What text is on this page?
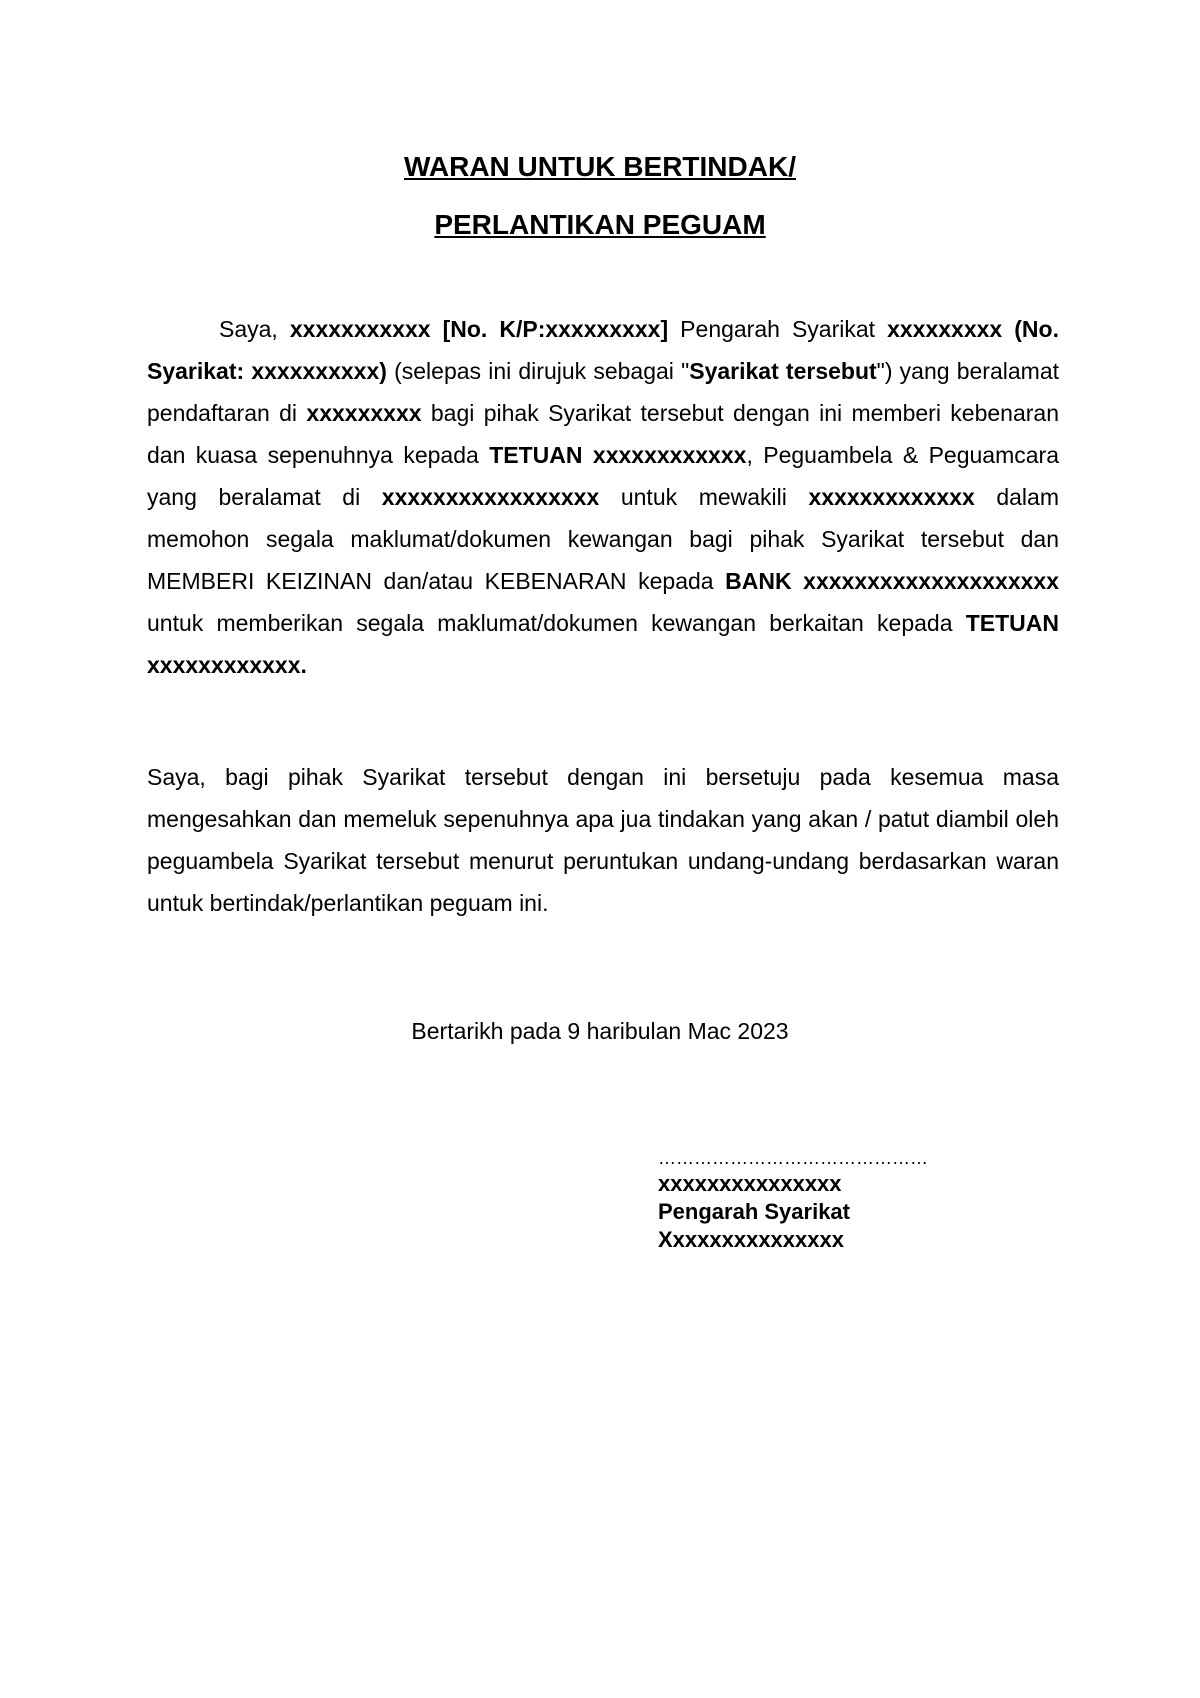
WARAN UNTUK BERTINDAK/
PERLANTIKAN PEGUAM
Saya, xxxxxxxxxxx [No. K/P:xxxxxxxxx] Pengarah Syarikat xxxxxxxxx (No. Syarikat: xxxxxxxxxx) (selepas ini dirujuk sebagai "Syarikat tersebut") yang beralamat pendaftaran di xxxxxxxxx bagi pihak Syarikat tersebut dengan ini memberi kebenaran dan kuasa sepenuhnya kepada TETUAN xxxxxxxxxxxx, Peguambela & Peguamcara yang beralamat di xxxxxxxxxxxxxxxxx untuk mewakili xxxxxxxxxxxxx dalam memohon segala maklumat/dokumen kewangan bagi pihak Syarikat tersebut dan MEMBERI KEIZINAN dan/atau KEBENARAN kepada BANK xxxxxxxxxxxxxxxxxxxx untuk memberikan segala maklumat/dokumen kewangan berkaitan kepada TETUAN xxxxxxxxxxxx.
Saya, bagi pihak Syarikat tersebut dengan ini bersetuju pada kesemua masa mengesahkan dan memeluk sepenuhnya apa jua tindakan yang akan / patut diambil oleh peguambela Syarikat tersebut menurut peruntukan undang-undang berdasarkan waran untuk bertindak/perlantikan peguam ini.
Bertarikh pada 9 haribulan Mac 2023
………………………………………
xxxxxxxxxxxxxxx
Pengarah Syarikat
Xxxxxxxxxxxxxxx
